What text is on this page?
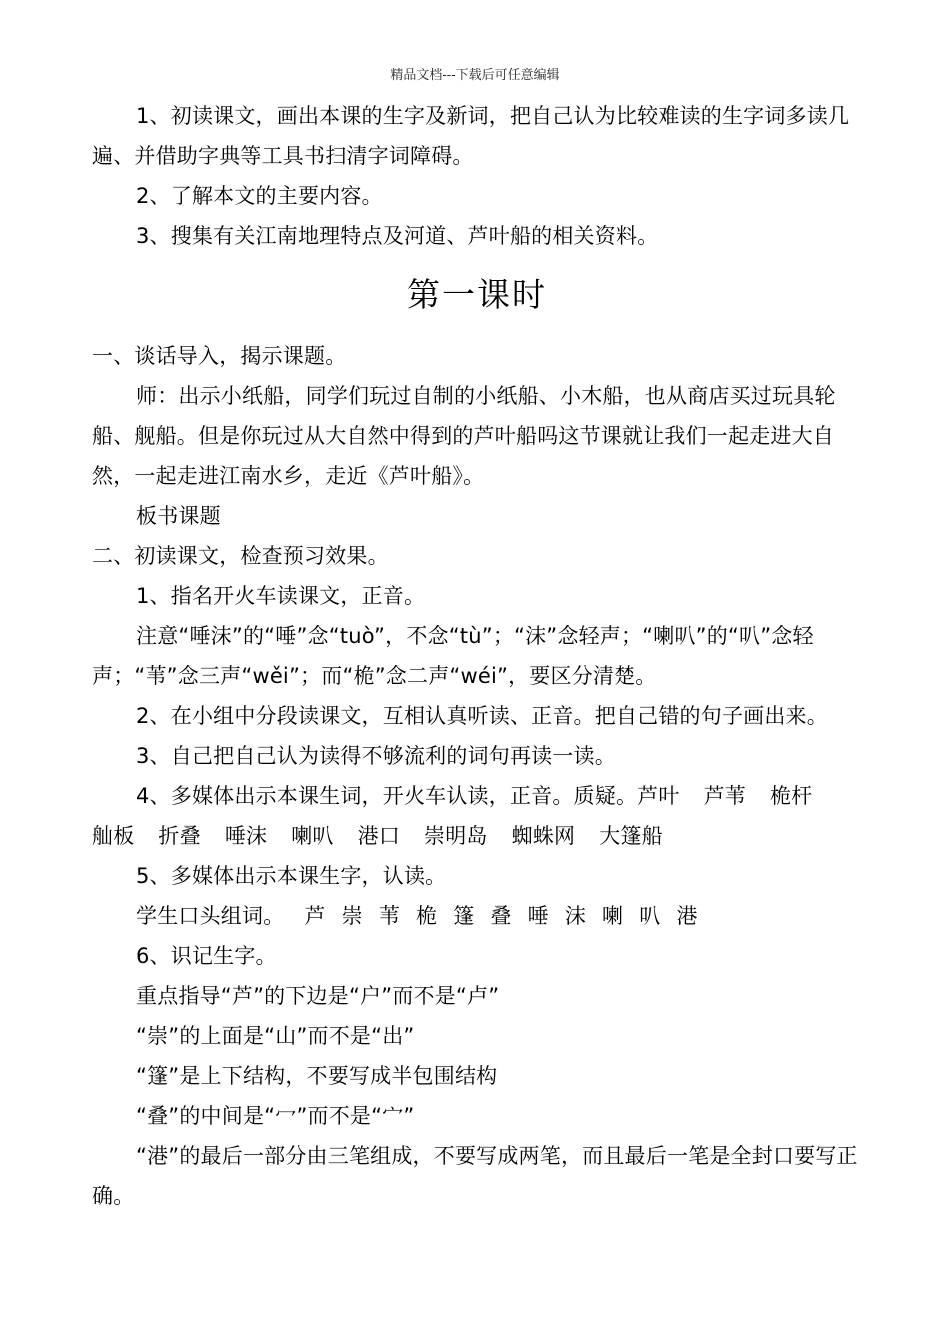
精品文档---下载后可任意编辑

1、初读课文，画出本课的生字及新词，把自己认为比较难读的生字词多读几遍、并借助字典等工具书扫清字词障碍。

2、了解本文的主要内容。

3、搜集有关江南地理特点及河道、芦叶船的相关资料。

第一课时

一、谈话导入，揭示课题。

师：出示小纸船，同学们玩过自制的小纸船、小木船，也从商店买过玩具轮船、舰船。但是你玩过从大自然中得到的芦叶船吗这节课就让我们一起走进大自然，一起走进江南水乡，走近《芦叶船》。

板书课题

二、初读课文，检查预习效果。

1、指名开火车读课文，正音。

注意“唾沫”的“唾”念“tuò”，不念“tù”；“沫”念轻声；“喇叭”的“叭”念轻声；“苇”念三声“wěi”；而“桅”念二声“wéi”，要区分清楚。

2、在小组中分段读课文，互相认真听读、正音。把自己错的句子画出来。

3、自己把自己认为读得不够流利的词句再读一读。

4、多媒体出示本课生词，开火车认读，正音。质疑。芦叶 芦苇 桅杆舢板 折叠 唾沫 喇叭 港口 崇明岛 蜘蛛网 大篷船

5、多媒体出示本课生字，认读。

学生口头组词。 芦 崇 苇 桅 篷 叠 唾 沫 喇 叭 港

6、识记生字。

重点指导“芦”的下边是“户”而不是“卢”

“崇”的上面是“山”而不是“出”

“篷”是上下结构，不要写成半包围结构

“叠”的中间是“冖”而不是“宀”

“港”的最后一部分由三笔组成，不要写成两笔，而且最后一笔是全封口要写正确。
